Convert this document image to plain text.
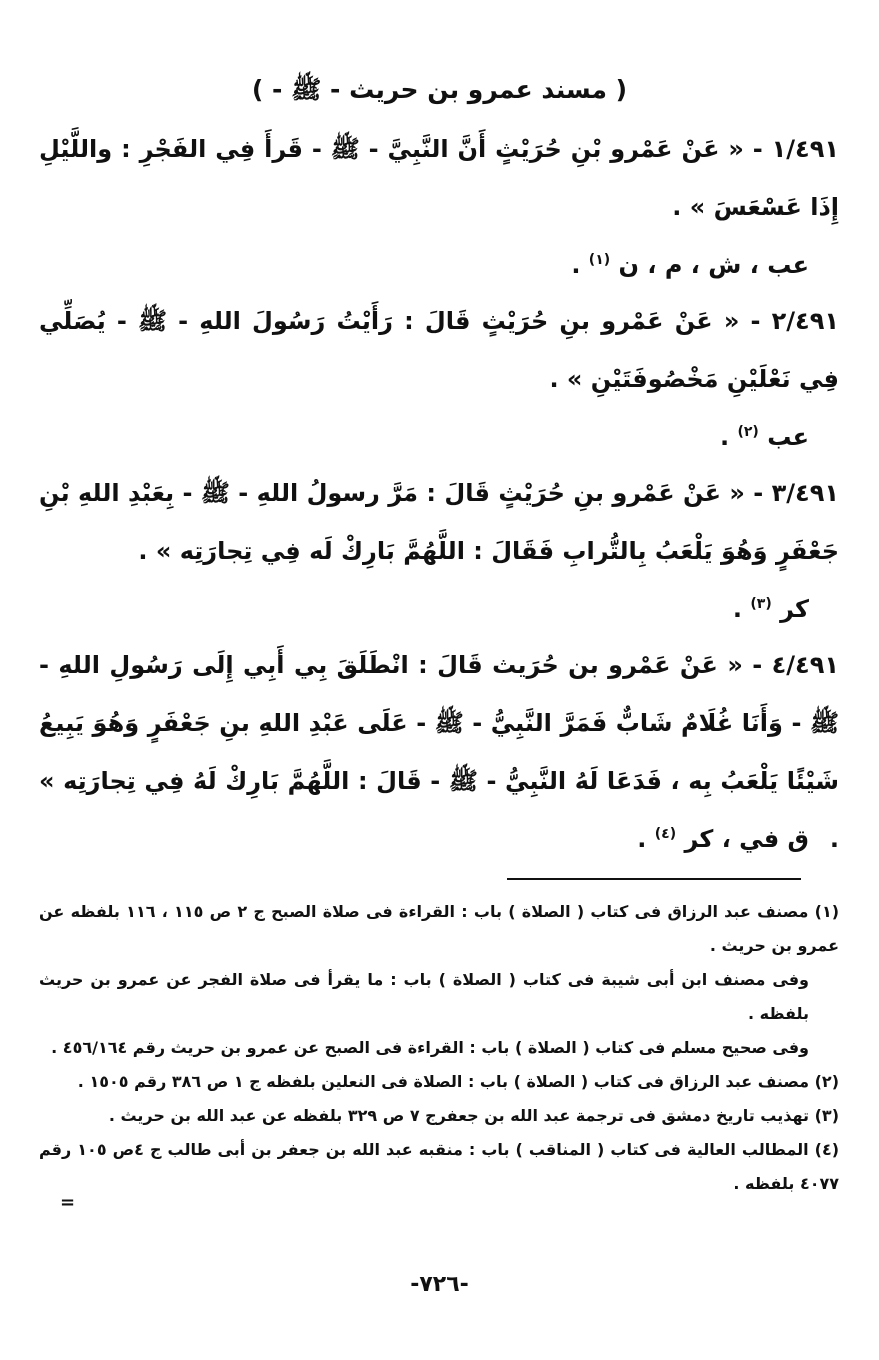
( مسند عمرو بن حريث - ﷺ - )

١/٤٩١ - « عَنْ عَمْرو بْنِ حُرَيْثٍ أَنَّ النَّبِيَّ - ﷺ - قَرأَ فِي الفَجْرِ : واللَّيْلِ إِذَا عَسْعَسَ » .

عب ، ش ، م ، ن $^{(١)}$ .

٢/٤٩١ - « عَنْ عَمْرو بنِ حُرَيْثٍ قَالَ : رَأَيْتُ رَسُولَ اللهِ - ﷺ - يُصَلِّي فِي نَعْلَيْنِ مَخْصُوفَتَيْنِ » .

عب $^{(٢)}$ .

٣/٤٩١ - « عَنْ عَمْرو بنِ حُرَيْثٍ قَالَ : مَرَّ رسولُ اللهِ - ﷺ - بِعَبْدِ اللهِ بْنِ جَعْفَرٍ وَهُوَ يَلْعَبُ بِالتُّرابِ فَقَالَ : اللَّهُمَّ بَارِكْ لَه فِي تِجارَتِه » .

كر $^{(٣)}$ .

٤/٤٩١ - « عَنْ عَمْرو بن حُرَيث قَالَ : انْطَلَقَ بِي أَبِي إِلَى رَسُولِ اللهِ - ﷺ - وَأَنَا غُلَامٌ شَابٌّ فَمَرَّ النَّبِيُّ - ﷺ - عَلَى عَبْدِ اللهِ بنِ جَعْفَرٍ وَهُوَ يَبِيعُ شَيْئًا يَلْعَبُ بِه ، فَدَعَا لَهُ النَّبِيُّ - ﷺ - قَالَ : اللَّهُمَّ بَارِكْ لَهُ فِي تِجارَتِه » .

ق في ، كر $^{(٤)}$ .

(١) مصنف عبد الرزاق فى كتاب ( الصلاة ) باب : القراءة فى صلاة الصبح ج ٢ ص ١١٥ ، ١١٦ بلفظه عن عمرو بن حريث .

وفى مصنف ابن أبى شيبة فى كتاب ( الصلاة ) باب : ما يقرأ فى صلاة الفجر عن عمرو بن حريث بلفظه .

وفى صحيح مسلم فى كتاب ( الصلاة ) باب : القراءة فى الصبح عن عمرو بن حريث رقم ٤٥٦/١٦٤ .

(٢) مصنف عبد الرزاق فى كتاب ( الصلاة ) باب : الصلاة فى النعلين بلفظه ج ١ ص ٣٨٦ رقم ١٥٠٥ .

(٣) تهذيب تاريخ دمشق فى ترجمة عبد الله بن جعفرج ٧ ص ٣٢٩ بلفظه عن عبد الله بن حريث .

(٤) المطالب العالية فى كتاب ( المناقب ) باب : منقبه عبد الله بن جعفر بن أبى طالب ج ٤ص ١٠٥ رقم ٤٠٧٧ بلفظه .

=
-٧٢٦-
